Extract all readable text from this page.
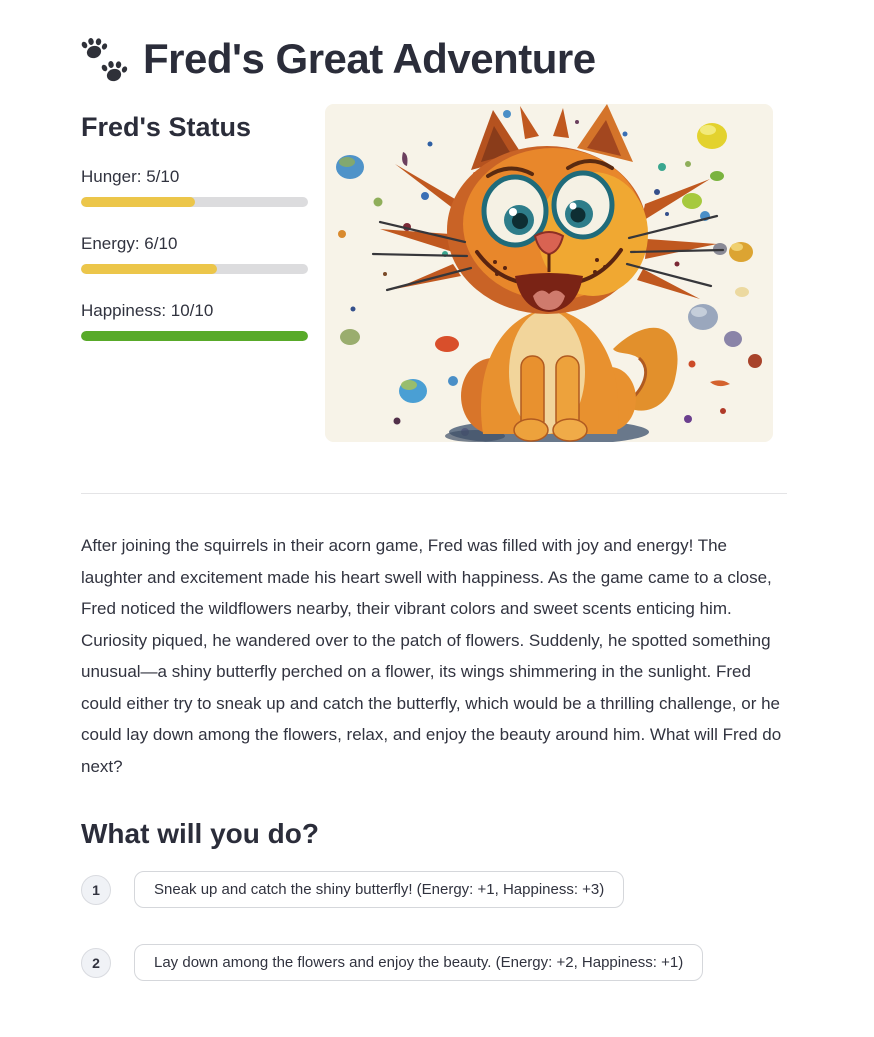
Fred's Great Adventure
Fred's Status
Hunger: 5/10
Energy: 6/10
Happiness: 10/10

After joining the squirrels in their acorn game, Fred was filled with joy and energy! The laughter and excitement made his heart swell with happiness. As the game came to a close, Fred noticed the wildflowers nearby, their vibrant colors and sweet scents enticing him. Curiosity piqued, he wandered over to the patch of flowers. Suddenly, he spotted something unusual—a shiny butterfly perched on a flower, its wings shimmering in the sunlight. Fred could either try to sneak up and catch the butterfly, which would be a thrilling challenge, or he could lay down among the flowers, relax, and enjoy the beauty around him. What will Fred do next?

What will you do?
1	Sneak up and catch the shiny butterfly! (Energy: +1, Happiness: +3)
2	Lay down among the flowers and enjoy the beauty. (Energy: +2, Happiness: +1)
